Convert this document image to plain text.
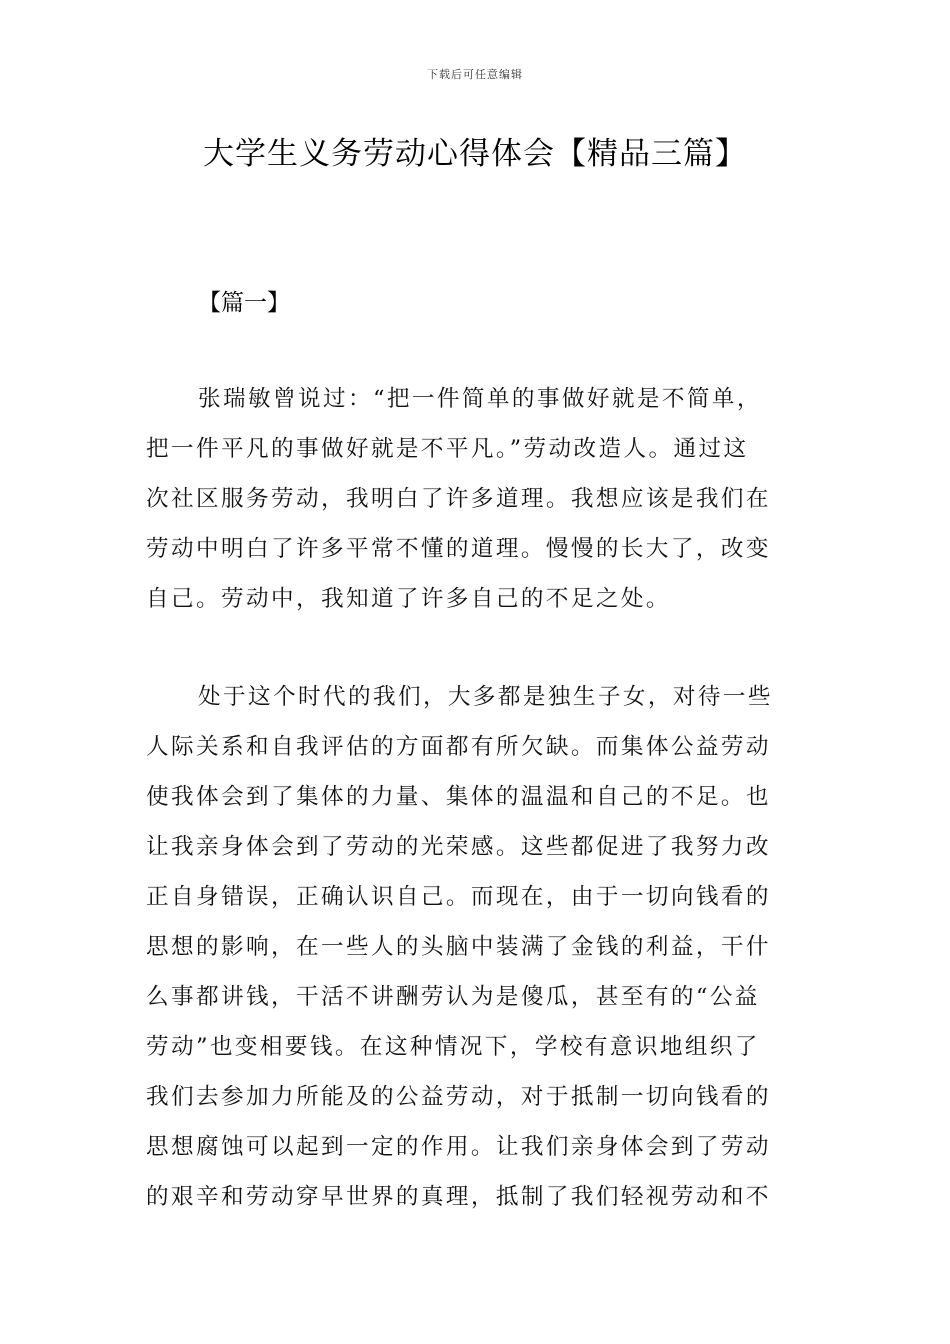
下载后可任意编辑
大学生义务劳动心得体会【精品三篇】
【篇一】
张瑞敏曾说过：“把一件简单的事做好就是不简单，
把一件平凡的事做好就是不平凡。”劳动改造人。通过这
次社区服务劳动，我明白了许多道理。我想应该是我们在
劳动中明白了许多平常不懂的道理。慢慢的长大了，改变
自己。劳动中，我知道了许多自己的不足之处。
处于这个时代的我们，大多都是独生子女，对待一些
人际关系和自我评估的方面都有所欠缺。而集体公益劳动
使我体会到了集体的力量、集体的温温和自己的不足。也
让我亲身体会到了劳动的光荣感。这些都促进了我努力改
正自身错误，正确认识自己。而现在，由于一切向钱看的
思想的影响，在一些人的头脑中装满了金钱的利益，干什
么事都讲钱，干活不讲酬劳认为是傻瓜，甚至有的“公益
劳动”也变相要钱。在这种情况下，学校有意识地组织了
我们去参加力所能及的公益劳动，对于抵制一切向钱看的
思想腐蚀可以起到一定的作用。让我们亲身体会到了劳动
的艰辛和劳动穿早世界的真理，抵制了我们轻视劳动和不
